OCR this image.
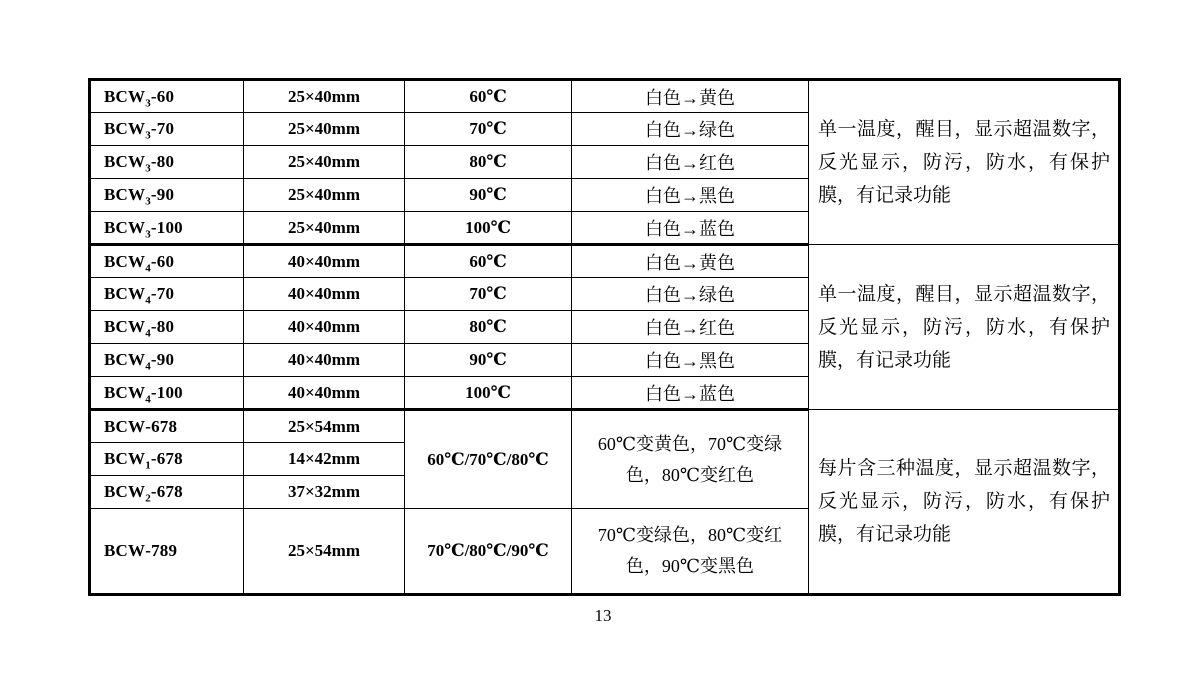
$BCW_3-60$	25×40mm	60℃	白色→黄色	单一温度，醒目，显示超温数字，反光显示，防污，防水，有保护膜，有记录功能
$BCW_3-70$	25×40mm	70℃	白色→绿色	
$BCW_3-80$	25×40mm	80℃	白色→红色	
$BCW_3-90$	25×40mm	90℃	白色→黑色	
$BCW_3-100$	25×40mm	100℃	白色→蓝色	
$BCW_4-60$	40×40mm	60℃	白色→黄色	单一温度，醒目，显示超温数字，反光显示，防污，防水，有保护膜，有记录功能
$BCW_4-70$	40×40mm	70℃	白色→绿色	
$BCW_4-80$	40×40mm	80℃	白色→红色	
$BCW_4-90$	40×40mm	90℃	白色→黑色	
$BCW_4-100$	40×40mm	100℃	白色→蓝色	
BCW-678	25×54mm	60℃/70℃/80℃	60℃变黄色，70℃变绿色，80℃变红色	每片含三种温度，显示超温数字，反光显示，防污，防水，有保护膜，有记录功能
$BCW_1-678$	14×42mm			
$BCW_2-678$	37×32mm			
BCW-789	25×54mm	70℃/80℃/90℃	70℃变绿色，80℃变红色，90℃变黑色	
13
